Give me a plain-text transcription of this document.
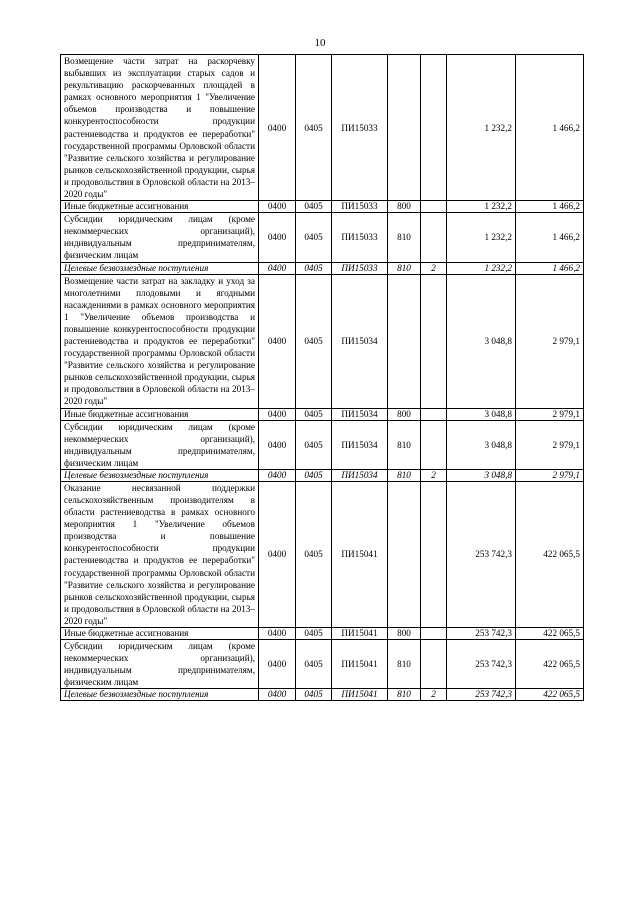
10
Возмещение части затрат на раскорчевку выбывших из эксплуатации старых садов и рекультивацию раскорчеванных площадей в рамках основного мероприятия 1 "Увеличение объемов производства и повышение конкурентоспособности продукции растениеводства и продуктов ее переработки" государственной программы Орловской области "Развитие сельского хозяйства и регулирование рынков сельскохозяйственной продукции, сырья и продовольствия в Орловской области на 2013–2020 годы"	0400	0405	ПИ15033			1 232,2	1 466,2
Иные бюджетные ассигнования	0400	0405	ПИ15033	800		1 232,2	1 466,2
Субсидии юридическим лицам (кроме некоммерческих организаций), индивидуальным предпринимателям, физическим лицам	0400	0405	ПИ15033	810		1 232,2	1 466,2
Целевые безвозмездные поступления	0400	0405	ПИ15033	810	2	1 232,2	1 466,2
Возмещение части затрат на закладку и уход за многолетними плодовыми и ягодными насаждениями в рамках основного мероприятия 1 "Увеличение объемов производства и повышение конкурентоспособности продукции растениеводства и продуктов ее переработки" государственной программы Орловской области "Развитие сельского хозяйства и регулирование рынков сельскохозяйственной продукции, сырья и продовольствия в Орловской области на 2013–2020 годы"	0400	0405	ПИ15034			3 048,8	2 979,1
Иные бюджетные ассигнования	0400	0405	ПИ15034	800		3 048,8	2 979,1
Субсидии юридическим лицам (кроме некоммерческих организаций), индивидуальным предпринимателям, физическим лицам	0400	0405	ПИ15034	810		3 048,8	2 979,1
Целевые безвозмездные поступления	0400	0405	ПИ15034	810	2	3 048,8	2 979,1
Оказание несвязанной поддержки сельскохозяйственным производителям в области растениеводства в рамках основного мероприятия 1 "Увеличение объемов производства и повышение конкурентоспособности продукции растениеводства и продуктов ее переработки" государственной программы Орловской области "Развитие сельского хозяйства и регулирование рынков сельскохозяйственной продукции, сырья и продовольствия в Орловской области на 2013–2020 годы"	0400	0405	ПИ15041			253 742,3	422 065,5
Иные бюджетные ассигнования	0400	0405	ПИ15041	800		253 742,3	422 065,5
Субсидии юридическим лицам (кроме некоммерческих организаций), индивидуальным предпринимателям, физическим лицам	0400	0405	ПИ15041	810		253 742,3	422 065,5
Целевые безвозмездные поступления	0400	0405	ПИ15041	810	2	253 742,3	422 065,5
